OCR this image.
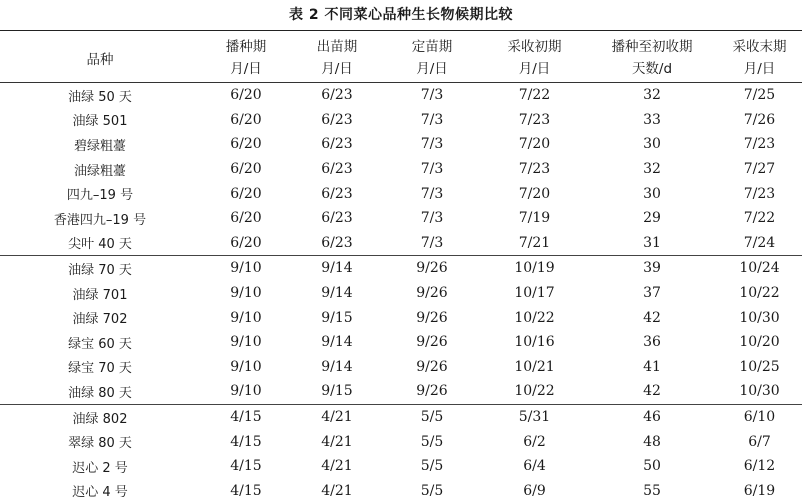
表 2 不同菜心品种生长物候期比较
品种	播种期	出苗期	定苗期	采收初期	播种至初收期	采收末期
	月/日	月/日	月/日	月/日	天数/d	月/日
油绿 50 天	6/20	6/23	7/3	7/22	32	7/25
油绿 501	6/20	6/23	7/3	7/23	33	7/26
碧绿粗薹	6/20	6/23	7/3	7/20	30	7/23
油绿粗薹	6/20	6/23	7/3	7/23	32	7/27
四九–19 号	6/20	6/23	7/3	7/20	30	7/23
香港四九–19 号	6/20	6/23	7/3	7/19	29	7/22
尖叶 40 天	6/20	6/23	7/3	7/21	31	7/24
油绿 70 天	9/10	9/14	9/26	10/19	39	10/24
油绿 701	9/10	9/14	9/26	10/17	37	10/22
油绿 702	9/10	9/15	9/26	10/22	42	10/30
绿宝 60 天	9/10	9/14	9/26	10/16	36	10/20
绿宝 70 天	9/10	9/14	9/26	10/21	41	10/25
油绿 80 天	9/10	9/15	9/26	10/22	42	10/30
油绿 802	4/15	4/21	5/5	5/31	46	6/10
翠绿 80 天	4/15	4/21	5/5	6/2	48	6/7
迟心 2 号	4/15	4/21	5/5	6/4	50	6/12
迟心 4 号	4/15	4/21	5/5	6/9	55	6/19
